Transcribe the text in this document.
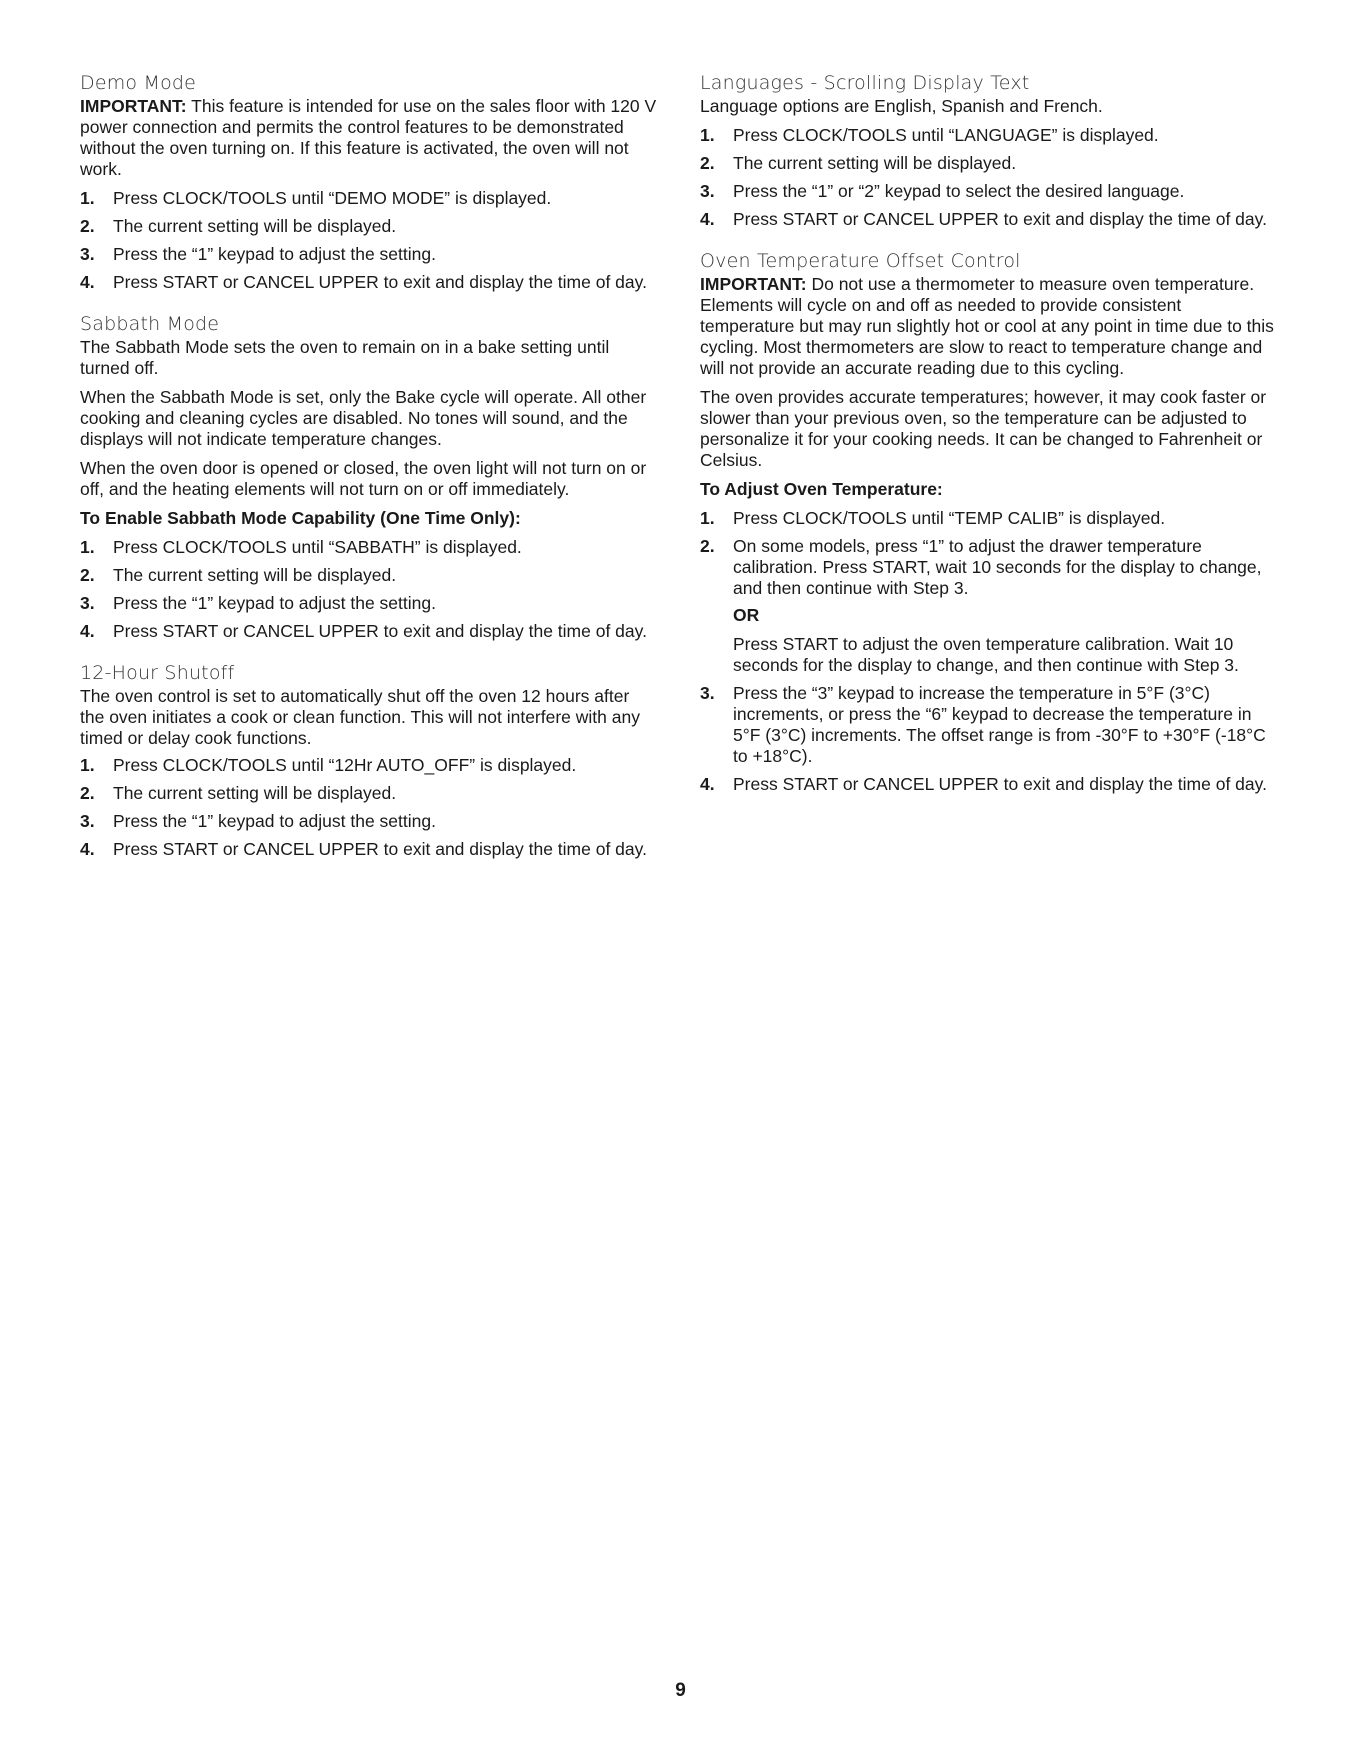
Demo Mode

IMPORTANT: This feature is intended for use on the sales floor with 120 V power connection and permits the control features to be demonstrated without the oven turning on. If this feature is activated, the oven will not work.

1. Press CLOCK/TOOLS until “DEMO MODE” is displayed.
2. The current setting will be displayed.
3. Press the “1” keypad to adjust the setting.
4. Press START or CANCEL UPPER to exit and display the time of day.
Sabbath Mode

The Sabbath Mode sets the oven to remain on in a bake setting until turned off.

When the Sabbath Mode is set, only the Bake cycle will operate. All other cooking and cleaning cycles are disabled. No tones will sound, and the displays will not indicate temperature changes.

When the oven door is opened or closed, the oven light will not turn on or off, and the heating elements will not turn on or off immediately.

To Enable Sabbath Mode Capability (One Time Only):
1. Press CLOCK/TOOLS until “SABBATH” is displayed.
2. The current setting will be displayed.
3. Press the “1” keypad to adjust the setting.
4. Press START or CANCEL UPPER to exit and display the time of day.
12-Hour Shutoff

The oven control is set to automatically shut off the oven 12 hours after the oven initiates a cook or clean function. This will not interfere with any timed or delay cook functions.

1. Press CLOCK/TOOLS until “12Hr AUTO_OFF” is displayed.
2. The current setting will be displayed.
3. Press the “1” keypad to adjust the setting.
4. Press START or CANCEL UPPER to exit and display the time of day.
Languages - Scrolling Display Text

Language options are English, Spanish and French.

1. Press CLOCK/TOOLS until “LANGUAGE” is displayed.
2. The current setting will be displayed.
3. Press the “1” or “2” keypad to select the desired language.
4. Press START or CANCEL UPPER to exit and display the time of day.
Oven Temperature Offset Control

IMPORTANT: Do not use a thermometer to measure oven temperature. Elements will cycle on and off as needed to provide consistent temperature but may run slightly hot or cool at any point in time due to this cycling. Most thermometers are slow to react to temperature change and will not provide an accurate reading due to this cycling.

The oven provides accurate temperatures; however, it may cook faster or slower than your previous oven, so the temperature can be adjusted to personalize it for your cooking needs. It can be changed to Fahrenheit or Celsius.

To Adjust Oven Temperature:
1. Press CLOCK/TOOLS until “TEMP CALIB” is displayed.
2. On some models, press “1” to adjust the drawer temperature calibration. Press START, wait 10 seconds for the display to change, and then continue with Step 3.
OR
Press START to adjust the oven temperature calibration. Wait 10 seconds for the display to change, and then continue with Step 3.
3. Press the “3” keypad to increase the temperature in 5°F (3°C) increments, or press the “6” keypad to decrease the temperature in 5°F (3°C) increments. The offset range is from -30°F to +30°F (-18°C to +18°C).
4. Press START or CANCEL UPPER to exit and display the time of day.
9
